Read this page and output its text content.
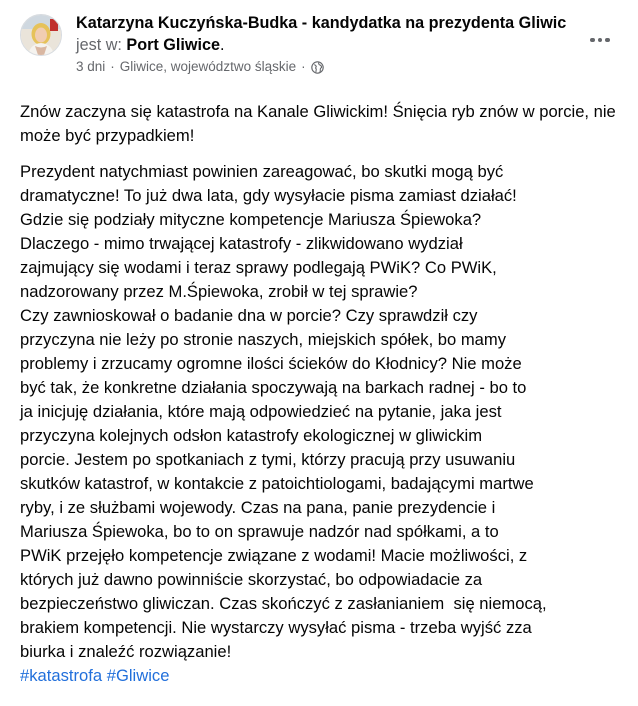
Katarzyna Kuczyńska-Budka - kandydatka na prezydenta Gliwic jest w: Port Gliwice.
3 dni · Gliwice, województwo śląskie ·

Znów zaczyna się katastrofa na Kanale Gliwickim! Śnięcia ryb znów w porcie, nie może być przypadkiem!

Prezydent natychmiast powinien zareagować, bo skutki mogą być
dramatyczne! To już dwa lata, gdy wysyłacie pisma zamiast działać!
Gdzie się podziały mityczne kompetencje Mariusza Śpiewoka?
Dlaczego - mimo trwającej katastrofy - zlikwidowano wydział
zajmujący się wodami i teraz sprawy podlegają PWiK? Co PWiK,
nadzorowany przez M.Śpiewoka, zrobił w tej sprawie?
Czy zawnioskował o badanie dna w porcie? Czy sprawdził czy
przyczyna nie leży po stronie naszych, miejskich spółek, bo mamy
problemy i zrzucamy ogromne ilości ścieków do Kłodnicy? Nie może
być tak, że konkretne działania spoczywają na barkach radnej - bo to
ja inicjuję działania, które mają odpowiedzieć na pytanie, jaka jest
przyczyna kolejnych odsłon katastrofy ekologicznej w gliwickim
porcie. Jestem po spotkaniach z tymi, którzy pracują przy usuwaniu
skutków katastrof, w kontakcie z patoichtiologami, badającymi martwe
ryby, i ze służbami wojewody. Czas na pana, panie prezydencie i
Mariusza Śpiewoka, bo to on sprawuje nadzór nad spółkami, a to
PWiK przejęło kompetencje związane z wodami! Macie możliwości, z
których już dawno powinniście skorzystać, bo odpowiadacie za
bezpieczeństwo gliwiczan. Czas skończyć z zasłanianiem  się niemocą,
brakiem kompetencji. Nie wystarczy wysyłać pisma - trzeba wyjść zza
biurka i znaleźć rozwiązanie!
#katastrofa #Gliwice
